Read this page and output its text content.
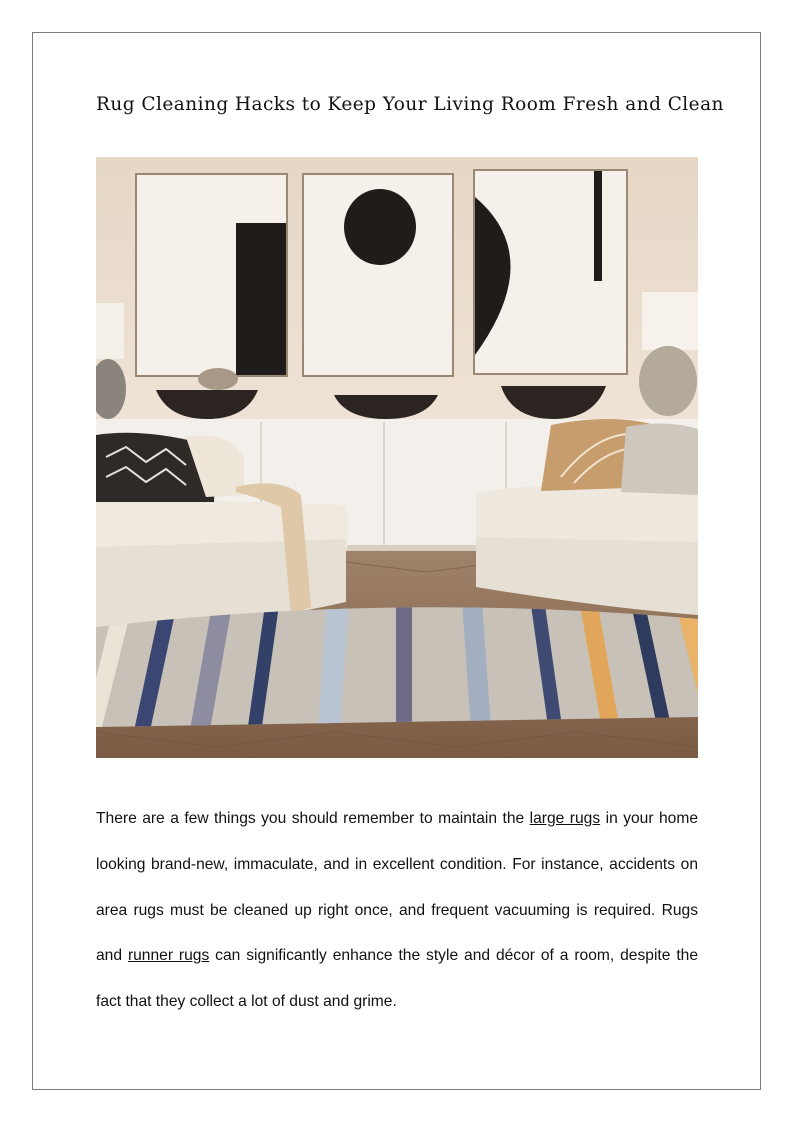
Rug Cleaning Hacks to Keep Your Living Room Fresh and Clean

There are a few things you should remember to maintain the large rugs in your home looking brand-new, immaculate, and in excellent condition. For instance, accidents on area rugs must be cleaned up right once, and frequent vacuuming is required. Rugs and runner rugs can significantly enhance the style and décor of a room, despite the fact that they collect a lot of dust and grime.
